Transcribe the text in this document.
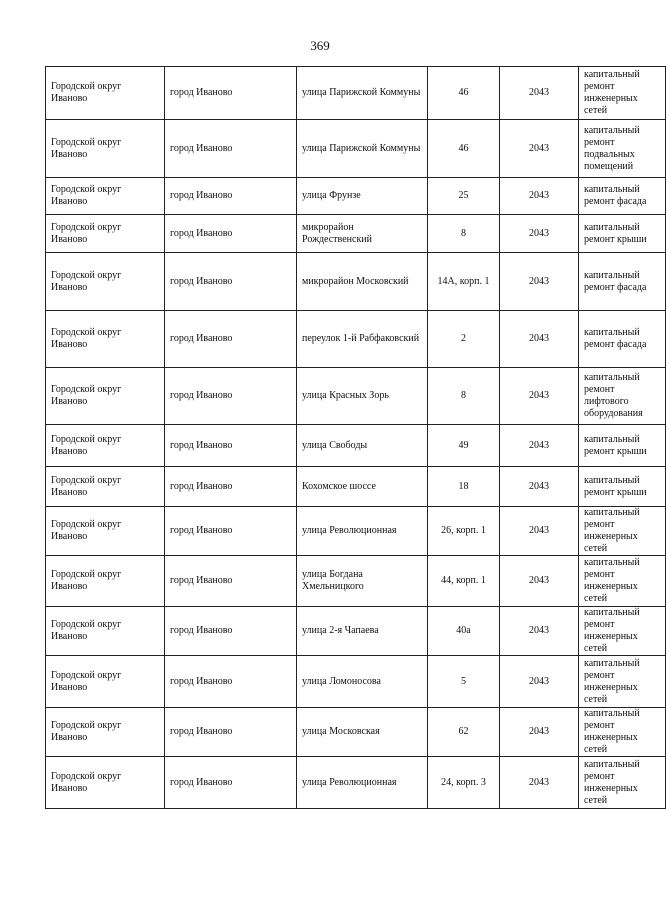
369
Городской округ Иваново	город Иваново	улица Парижской Коммуны	46	2043	капитальный ремонт инженерных сетей
Городской округ Иваново	город Иваново	улица Парижской Коммуны	46	2043	капитальный ремонт подвальных помещений
Городской округ Иваново	город Иваново	улица Фрунзе	25	2043	капитальный ремонт фасада
Городской округ Иваново	город Иваново	микрорайон Рождественский	8	2043	капитальный ремонт крыши
Городской округ Иваново	город Иваново	микрорайон Московский	14А, корп. 1	2043	капитальный ремонт фасада
Городской округ Иваново	город Иваново	переулок 1-й Рабфаковский	2	2043	капитальный ремонт фасада
Городской округ Иваново	город Иваново	улица Красных Зорь	8	2043	капитальный ремонт лифтового оборудования
Городской округ Иваново	город Иваново	улица Свободы	49	2043	капитальный ремонт крыши
Городской округ Иваново	город Иваново	Кохомское шоссе	18	2043	капитальный ремонт крыши
Городской округ Иваново	город Иваново	улица Революционная	26, корп. 1	2043	капитальный ремонт инженерных сетей
Городской округ Иваново	город Иваново	улица Богдана Хмельницкого	44, корп. 1	2043	капитальный ремонт инженерных сетей
Городской округ Иваново	город Иваново	улица 2-я Чапаева	40а	2043	капитальный ремонт инженерных сетей
Городской округ Иваново	город Иваново	улица Ломоносова	5	2043	капитальный ремонт инженерных сетей
Городской округ Иваново	город Иваново	улица Московская	62	2043	капитальный ремонт инженерных сетей
Городской округ Иваново	город Иваново	улица Революционная	24, корп. 3	2043	капитальный ремонт инженерных сетей
